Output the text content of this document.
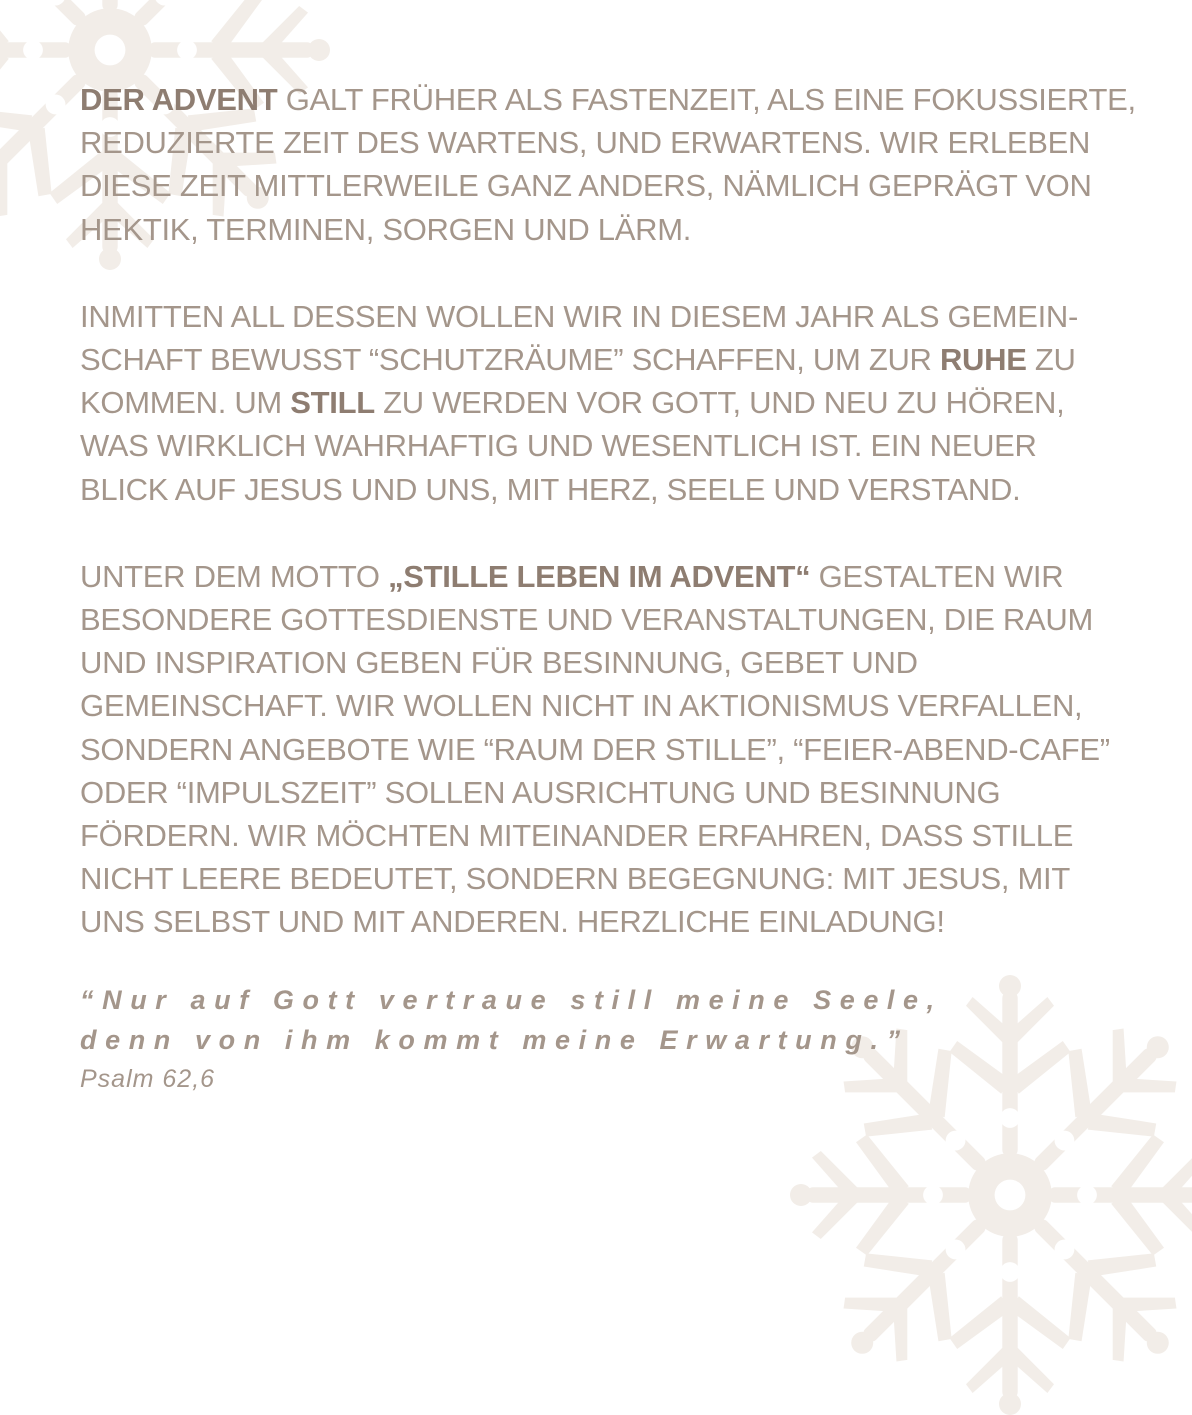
DER ADVENT GALT FRÜHER ALS FASTENZEIT, ALS EINE FOKUSSIERTE,
REDUZIERTE ZEIT DES WARTENS, UND ERWARTENS. WIR ERLEBEN
DIESE ZEIT MITTLERWEILE GANZ ANDERS, NÄMLICH GEPRÄGT VON
HEKTIK, TERMINEN, SORGEN UND LÄRM.

INMITTEN ALL DESSEN WOLLEN WIR IN DIESEM JAHR ALS GEMEIN-
SCHAFT BEWUSST “SCHUTZRÄUME” SCHAFFEN, UM ZUR RUHE ZU
KOMMEN. UM STILL ZU WERDEN VOR GOTT, UND NEU ZU HÖREN,
WAS WIRKLICH WAHRHAFTIG UND WESENTLICH IST. EIN NEUER
BLICK AUF JESUS UND UNS, MIT HERZ, SEELE UND VERSTAND.

UNTER DEM MOTTO „STILLE LEBEN IM ADVENT“ GESTALTEN WIR
BESONDERE GOTTESDIENSTE UND VERANSTALTUNGEN, DIE RAUM
UND INSPIRATION GEBEN FÜR BESINNUNG, GEBET UND
GEMEINSCHAFT. WIR WOLLEN NICHT IN AKTIONISMUS VERFALLEN,
SONDERN ANGEBOTE WIE “RAUM DER STILLE”, “FEIER-ABEND-CAFE”
ODER “IMPULSZEIT” SOLLEN AUSRICHTUNG UND BESINNUNG
FÖRDERN. WIR MÖCHTEN MITEINANDER ERFAHREN, DASS STILLE
NICHT LEERE BEDEUTET, SONDERN BEGEGNUNG: MIT JESUS, MIT
UNS SELBST UND MIT ANDEREN. HERZLICHE EINLADUNG!

“Nur auf Gott vertraue still meine Seele,
denn von ihm kommt meine Erwartung.”
Psalm 62,6
